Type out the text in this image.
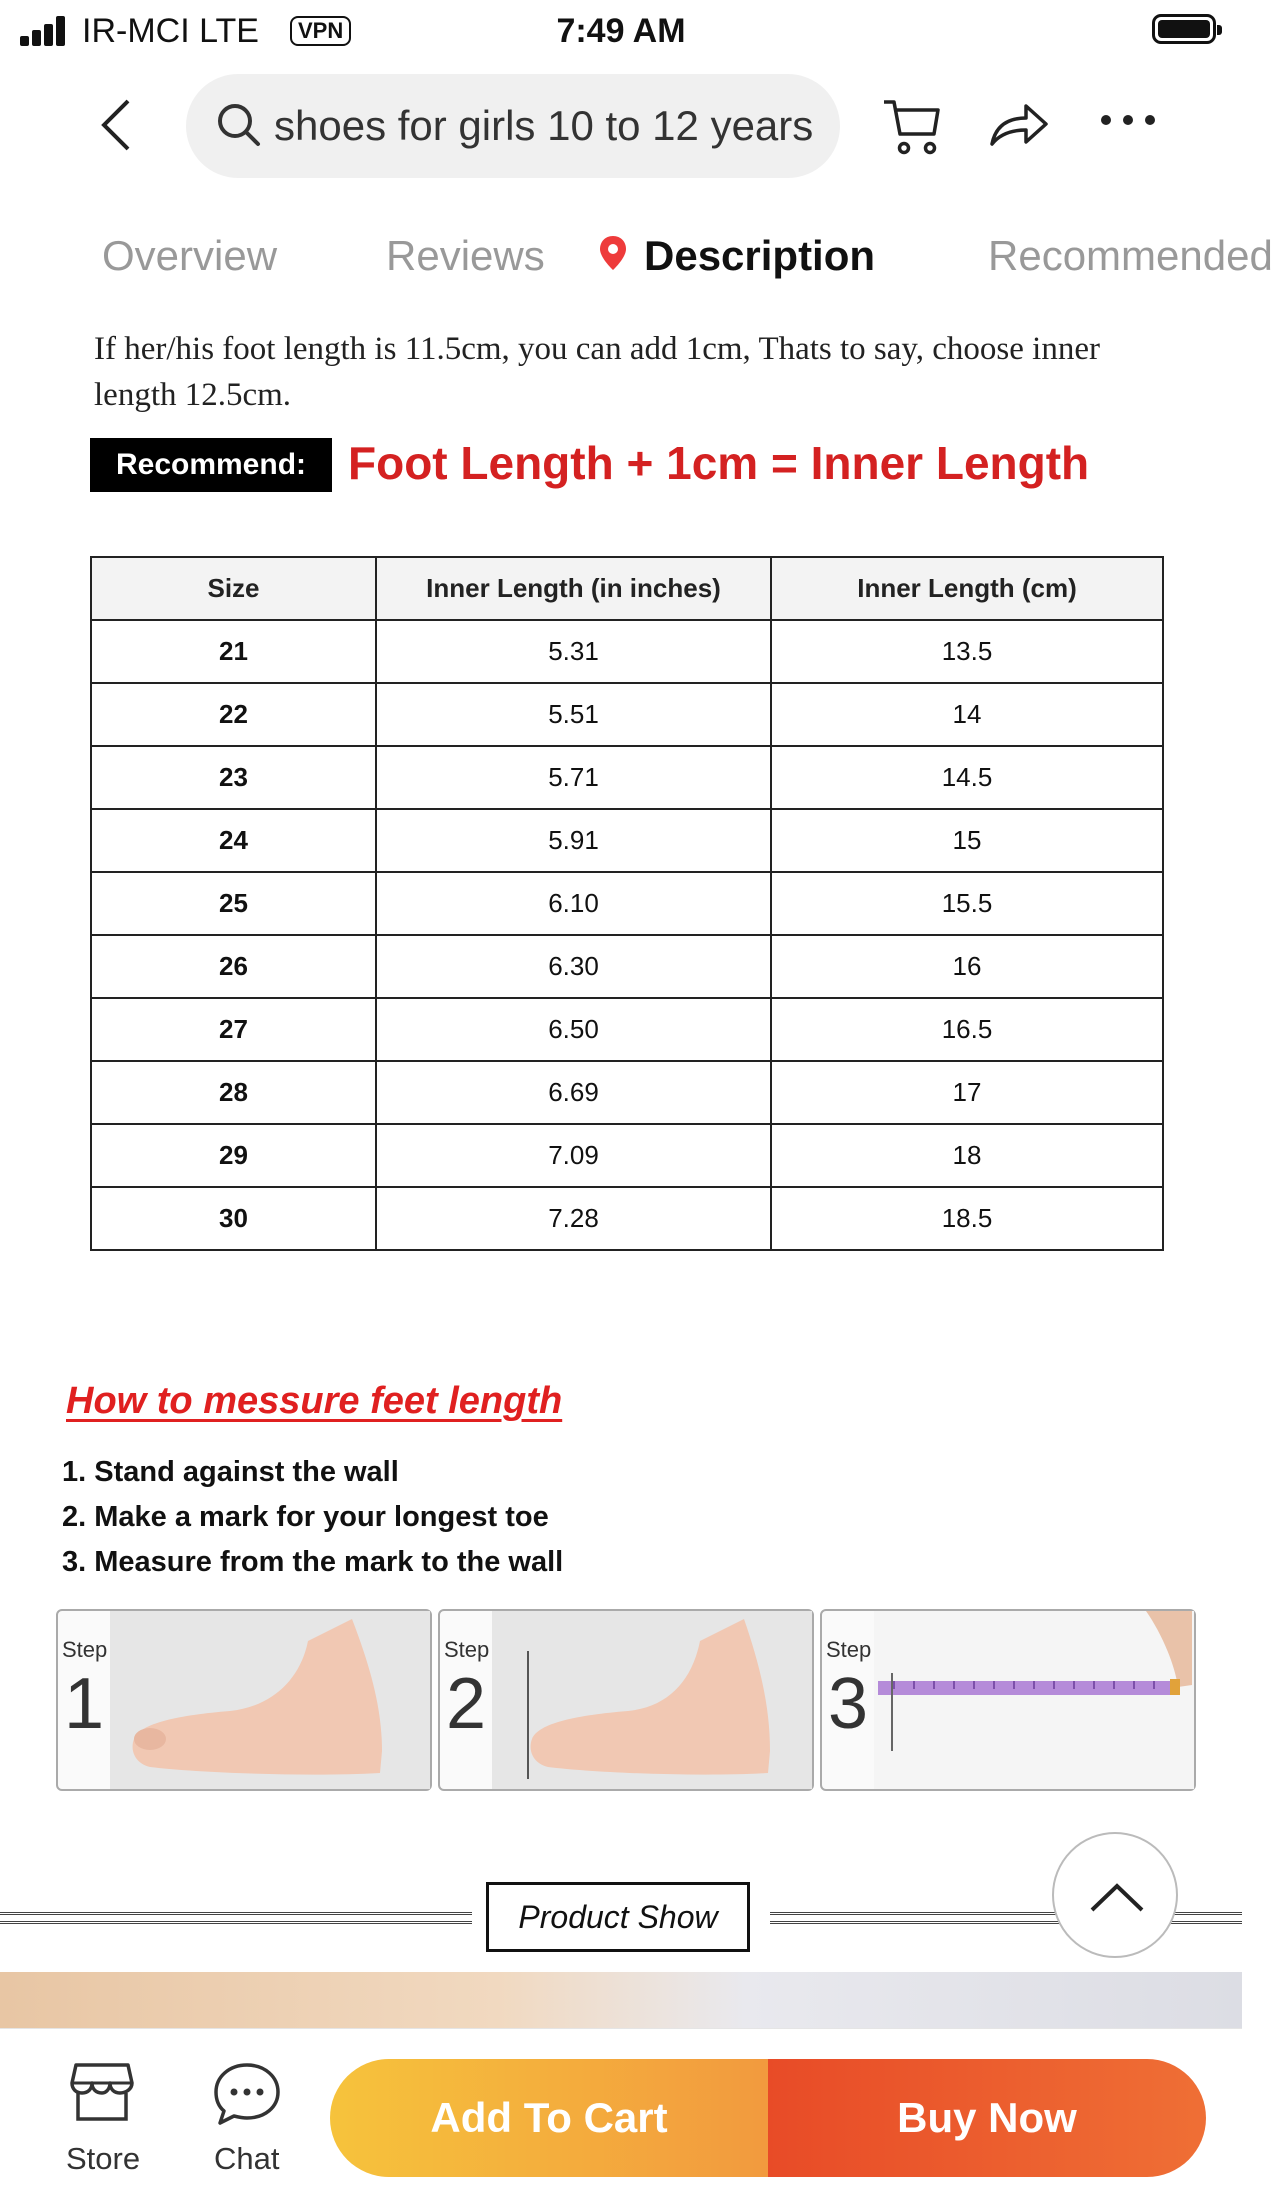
IR-MCI LTE	VPN	7:49 AM
shoes for girls 10 to 12 years
Overview	Reviews Description	Recommended
If her/his foot length is 11.5cm, you can add 1cm, Thats to say, choose inner length 12.5cm.
Recommend: Foot Length + 1cm = Inner Length
Size	Inner Length (in inches)	Inner Length (cm)
21	5.31	13.5
22	5.51	14
23	5.71	14.5
24	5.91	15
25	6.10	15.5
26	6.30	16
27	6.50	16.5
28	6.69	17
29	7.09	18
30	7.28	18.5
How to messure feet length
1. Stand against the wall
2. Make a mark for your longest toe
3. Measure from the mark to the wall
Step
1
Step
2
Step
3
Product Show
Store Chat
Add To Cart	Buy Now
